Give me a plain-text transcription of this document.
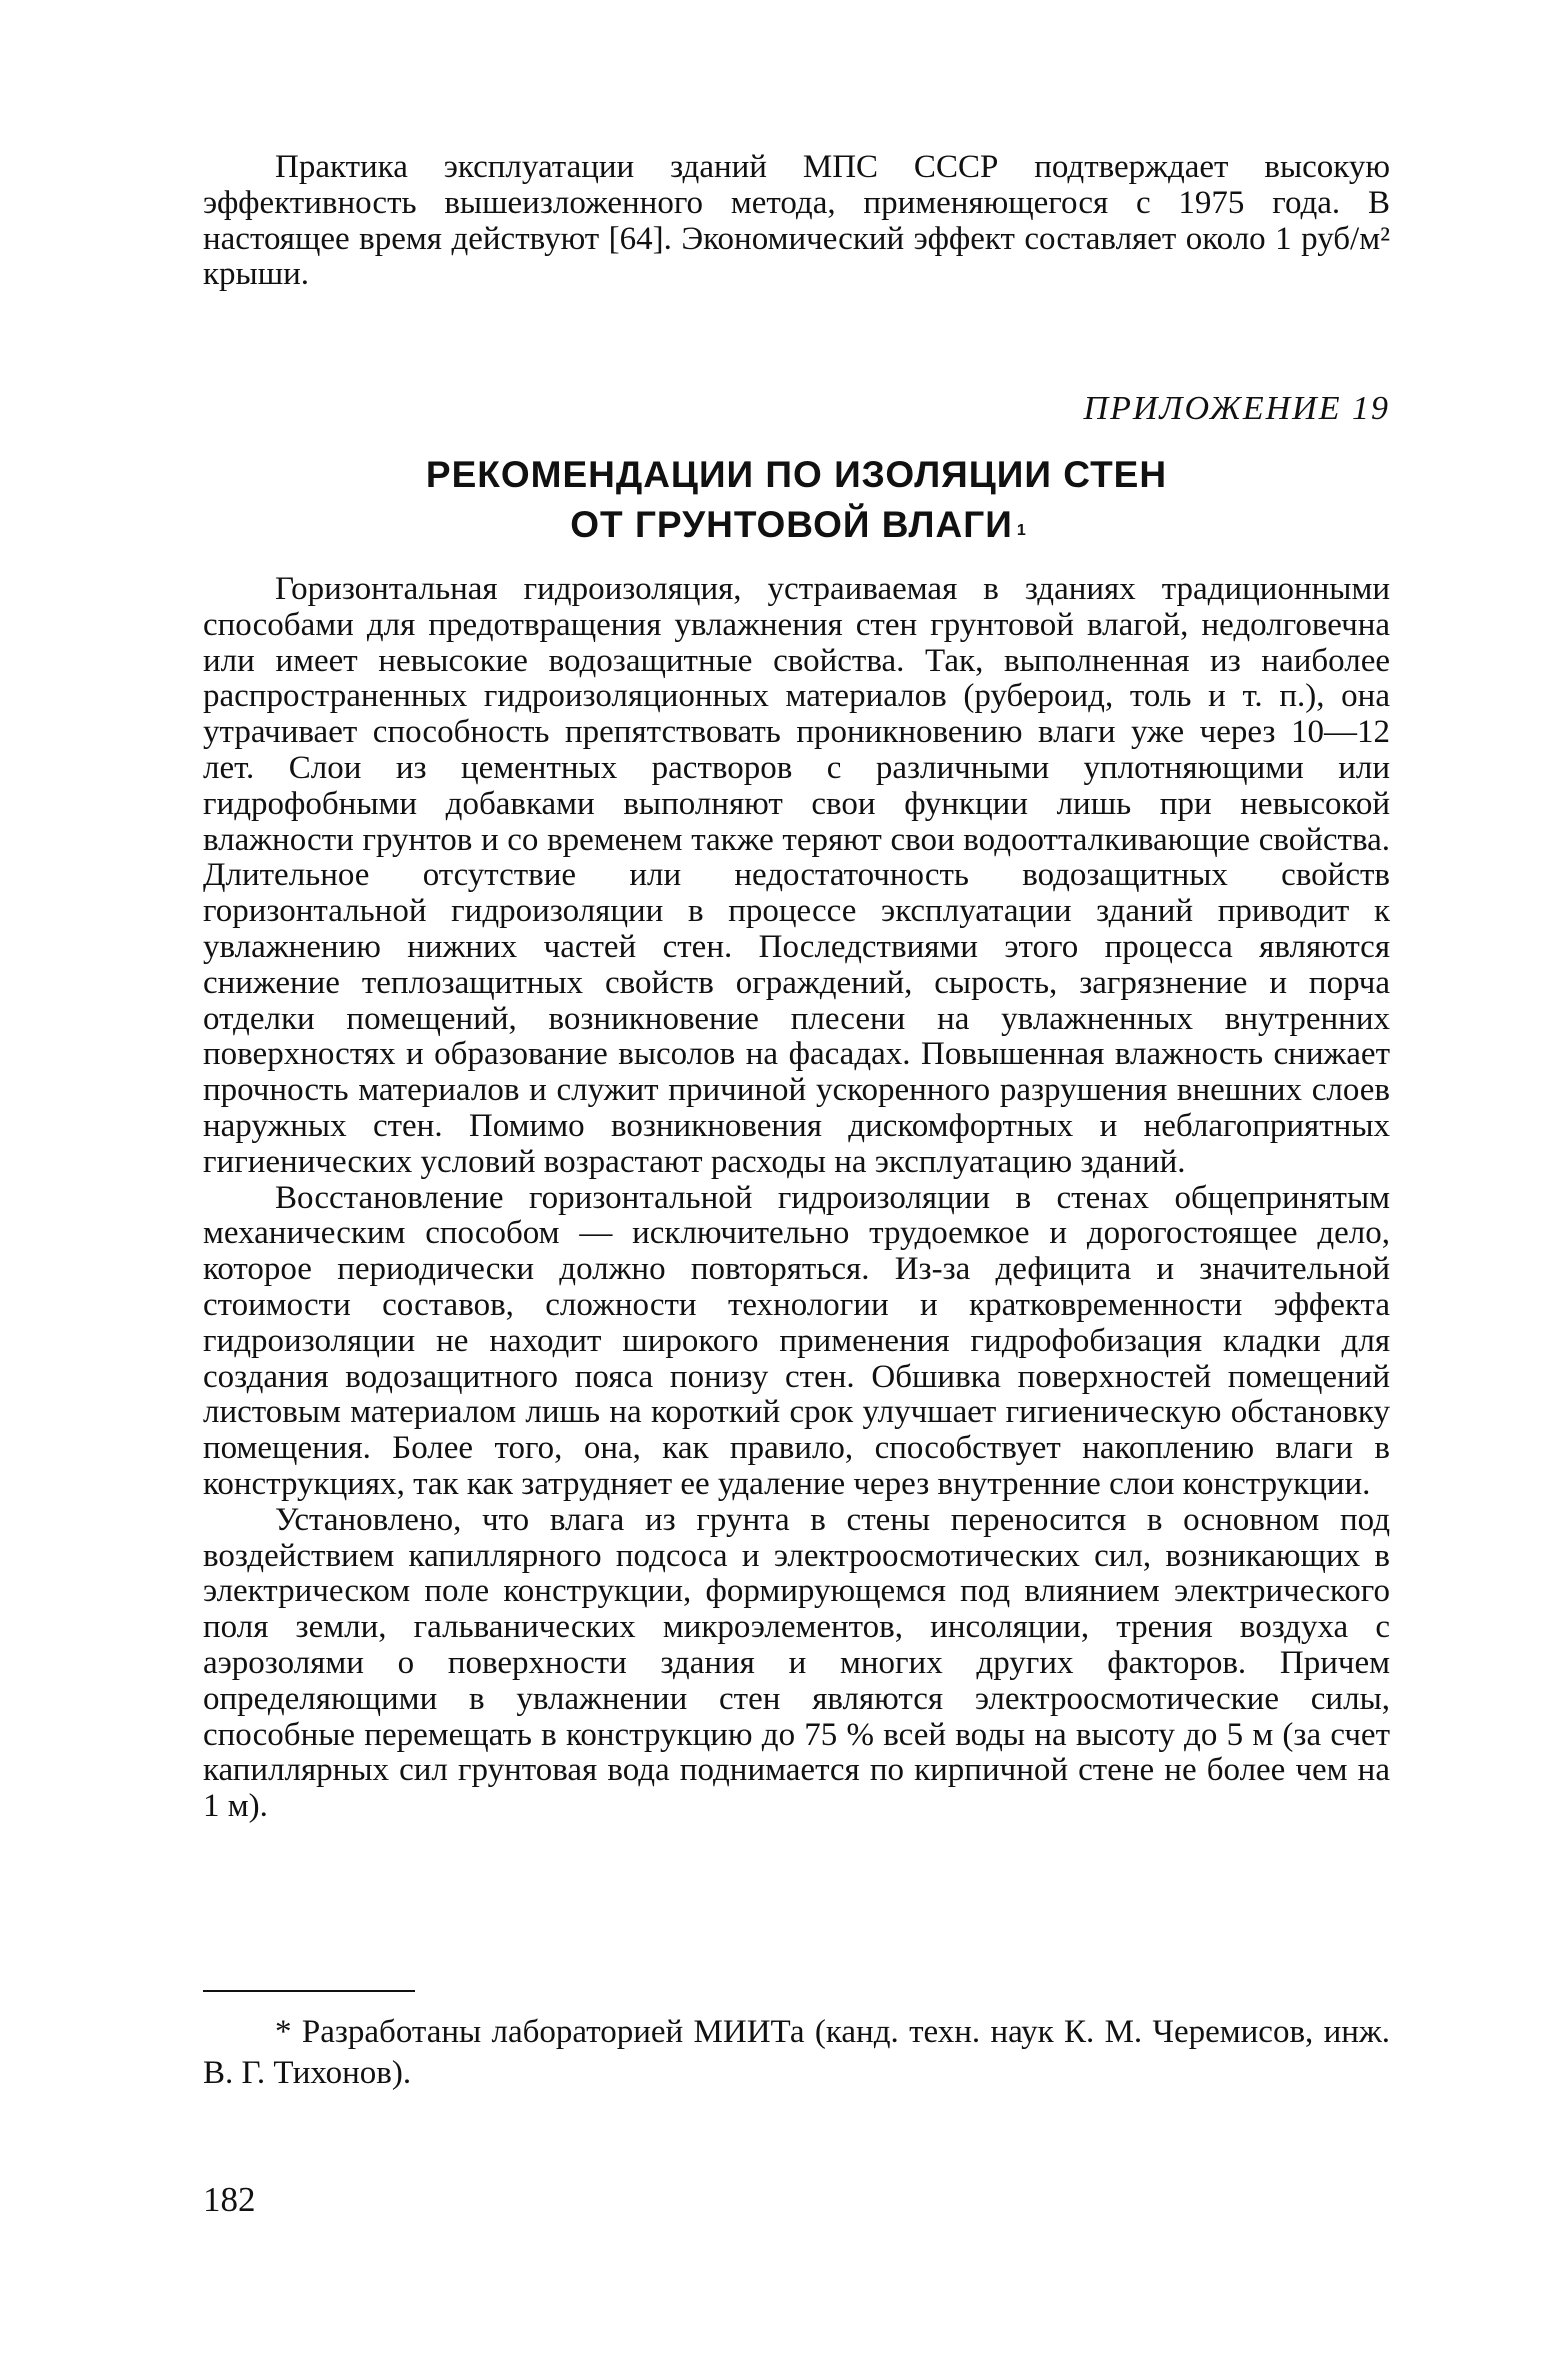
Практика эксплуатации зданий МПС СССР подтверждает высокую эффективность вышеизложенного метода, применяющегося с 1975 года. В настоящее время действуют [64]. Экономический эффект составляет около 1 руб/м² крыши.

ПРИЛОЖЕНИЕ 19

РЕКОМЕНДАЦИИ ПО ИЗОЛЯЦИИ СТЕН
ОТ ГРУНТОВОЙ ВЛАГИ $^1$

Горизонтальная гидроизоляция, устраиваемая в зданиях традиционными способами для предотвращения увлажнения стен грунтовой влагой, недолговечна или имеет невысокие водозащитные свойства. Так, выполненная из наиболее распространенных гидроизоляционных материалов (рубероид, толь и т. п.), она утрачивает способность препятствовать проникновению влаги уже через 10—12 лет. Слои из цементных растворов с различными уплотняющими или гидрофобными добавками выполняют свои функции лишь при невысокой влажности грунтов и со временем также теряют свои водоотталкивающие свойства. Длительное отсутствие или недостаточность водозащитных свойств горизонтальной гидроизоляции в процессе эксплуатации зданий приводит к увлажнению нижних частей стен. Последствиями этого процесса являются снижение теплозащитных свойств ограждений, сырость, загрязнение и порча отделки помещений, возникновение плесени на увлажненных внутренних поверхностях и образование высолов на фасадах. Повышенная влажность снижает прочность материалов и служит причиной ускоренного разрушения внешних слоев наружных стен. Помимо возникновения дискомфортных и неблагоприятных гигиенических условий возрастают расходы на эксплуатацию зданий.

Восстановление горизонтальной гидроизоляции в стенах общепринятым механическим способом — исключительно трудоемкое и дорогостоящее дело, которое периодически должно повторяться. Из-за дефицита и значительной стоимости составов, сложности технологии и кратковременности эффекта гидроизоляции не находит широкого применения гидрофобизация кладки для создания водозащитного пояса понизу стен. Обшивка поверхностей помещений листовым материалом лишь на короткий срок улучшает гигиеническую обстановку помещения. Более того, она, как правило, способствует накоплению влаги в конструкциях, так как затрудняет ее удаление через внутренние слои конструкции.

Установлено, что влага из грунта в стены переносится в основном под воздействием капиллярного подсоса и электроосмотических сил, возникающих в электрическом поле конструкции, формирующемся под влиянием электрического поля земли, гальванических микроэлементов, инсоляции, трения воздуха с аэрозолями о поверхности здания и многих других факторов. Причем определяющими в увлажнении стен являются электроосмотические силы, способные перемещать в конструкцию до 75 % всей воды на высоту до 5 м (за счет капиллярных сил грунтовая вода поднимается по кирпичной стене не более чем на 1 м).

* Разработаны лабораторией МИИТа (канд. техн. наук К. М. Черемисов, инж. В. Г. Тихонов).

182
